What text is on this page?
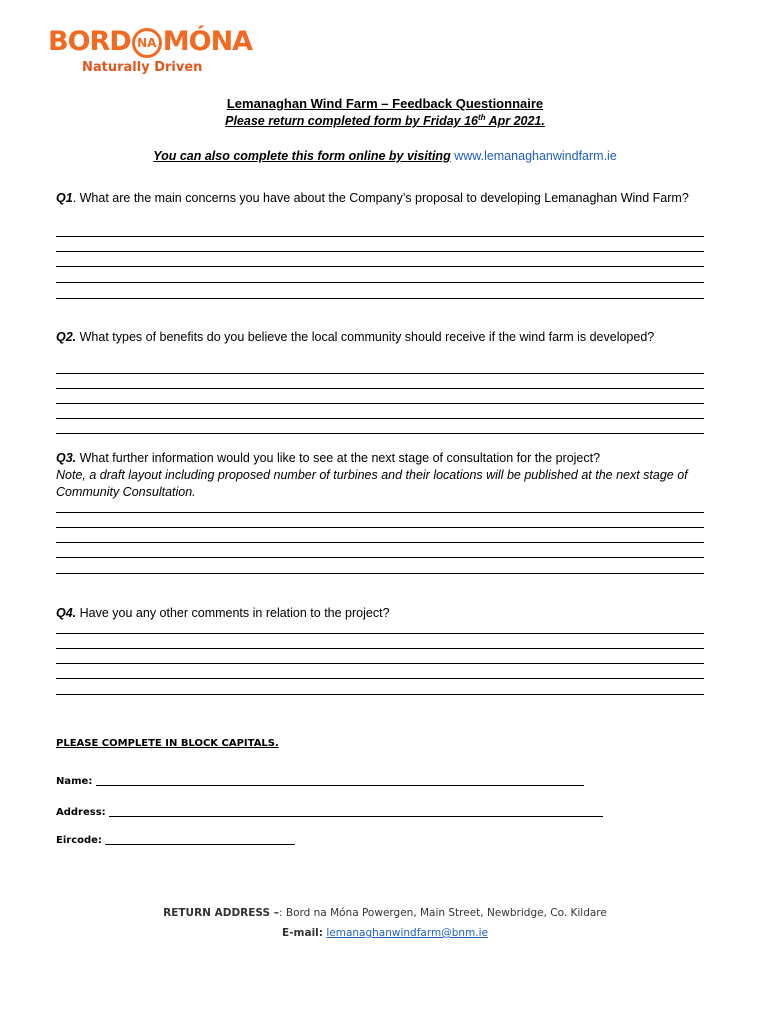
BORD NA MÓNA
Naturally Driven
Lemanaghan Wind Farm – Feedback Questionnaire
Please return completed form by Friday 16th Apr 2021.
You can also complete this form online by visiting www.lemanaghanwindfarm.ie
Q1. What are the main concerns you have about the Company’s proposal to developing Lemanaghan Wind Farm?
Q2. What types of benefits do you believe the local community should receive if the wind farm is developed?
Q3. What further information would you like to see at the next stage of consultation for the project?
Note, a draft layout including proposed number of turbines and their locations will be published at the next stage of Community Consultation.
Q4. Have you any other comments in relation to the project?
PLEASE COMPLETE IN BLOCK CAPITALS.
Name:
Address:
Eircode:
RETURN ADDRESS –: Bord na Móna Powergen, Main Street, Newbridge, Co. Kildare
E-mail: lemanaghanwindfarm@bnm.ie
